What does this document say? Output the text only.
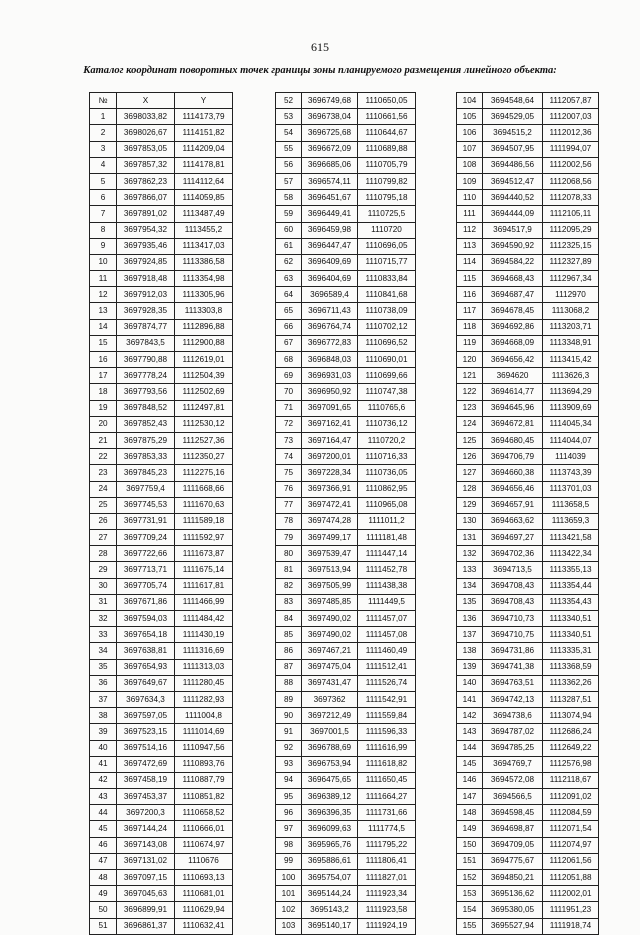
615
Каталог координат поворотных точек границы зоны планируемого размещения линейного объекта:
№	X	Y
1	3698033,82	1114173,79
2	3698026,67	1114151,82
3	3697853,05	1114209,04
4	3697857,32	1114178,81
5	3697862,23	1114112,64
6	3697866,07	1114059,85
7	3697891,02	1113487,49
8	3697954,32	1113455,2
9	3697935,46	1113417,03
10	3697924,85	1113386,58
11	3697918,48	1113354,98
12	3697912,03	1113305,96
13	3697928,35	1113303,8
14	3697874,77	1112896,88
15	3697843,5	1112900,88
16	3697790,88	1112619,01
17	3697778,24	1112504,39
18	3697793,56	1112502,69
19	3697848,52	1112497,81
20	3697852,43	1112530,12
21	3697875,29	1112527,36
22	3697853,33	1112350,27
23	3697845,23	1112275,16
24	3697759,4	1111668,66
25	3697745,53	1111670,63
26	3697731,91	1111589,18
27	3697709,24	1111592,97
28	3697722,66	1111673,87
29	3697713,71	1111675,14
30	3697705,74	1111617,81
31	3697671,86	1111466,99
32	3697594,03	1111484,42
33	3697654,18	1111430,19
34	3697638,81	1111316,69
35	3697654,93	1111313,03
36	3697649,67	1111280,45
37	3697634,3	1111282,93
38	3697597,05	1111004,8
39	3697523,15	1111014,69
40	3697514,16	1110947,56
41	3697472,69	1110893,76
42	3697458,19	1110887,79
43	3697453,37	1110851,82
44	3697200,3	1110658,52
45	3697144,24	1110666,01
46	3697143,08	1110674,97
47	3697131,02	1110676
48	3697097,15	1110693,13
49	3697045,63	1110681,01
50	3696899,91	1110629,94
51	3696861,37	1110632,41
52	3696749,68	1110650,05
53	3696738,04	1110661,56
54	3696725,68	1110644,67
55	3696672,09	1110689,88
56	3696685,06	1110705,79
57	3696574,11	1110799,82
58	3696451,67	1110795,18
59	3696449,41	1110725,5
60	3696459,98	1110720
61	3696447,47	1110696,05
62	3696409,69	1110715,77
63	3696404,69	1110833,84
64	3696589,4	1110841,68
65	3696711,43	1110738,09
66	3696764,74	1110702,12
67	3696772,83	1110696,52
68	3696848,03	1110690,01
69	3696931,03	1110699,66
70	3696950,92	1110747,38
71	3697091,65	1110765,6
72	3697162,41	1110736,12
73	3697164,47	1110720,2
74	3697200,01	1110716,33
75	3697228,34	1110736,05
76	3697366,91	1110862,95
77	3697472,41	1110965,08
78	3697474,28	1111011,2
79	3697499,17	1111181,48
80	3697539,47	1111447,14
81	3697513,94	1111452,78
82	3697505,99	1111438,38
83	3697485,85	1111449,5
84	3697490,02	1111457,07
85	3697490,02	1111457,08
86	3697467,21	1111460,49
87	3697475,04	1111512,41
88	3697431,47	1111526,74
89	3697362	1111542,91
90	3697212,49	1111559,84
91	3697001,5	1111596,33
92	3696788,69	1111616,99
93	3696753,94	1111618,82
94	3696475,65	1111650,45
95	3696389,12	1111664,27
96	3696396,35	1111731,66
97	3696099,63	1111774,5
98	3695965,76	1111795,22
99	3695886,61	1111806,41
100	3695754,07	1111827,01
101	3695144,24	1111923,34
102	3695143,2	1111923,58
103	3695140,17	1111924,19
104	3694548,64	1112057,87
105	3694529,05	1112007,03
106	3694515,2	1112012,36
107	3694507,95	1111994,07
108	3694486,56	1112002,56
109	3694512,47	1112068,56
110	3694440,52	1112078,33
111	3694444,09	1112105,11
112	3694517,9	1112095,29
113	3694590,92	1112325,15
114	3694584,22	1112327,89
115	3694668,43	1112967,34
116	3694687,47	1112970
117	3694678,45	1113068,2
118	3694692,86	1113203,71
119	3694668,09	1113348,91
120	3694656,42	1113415,42
121	3694620	1113626,3
122	3694614,77	1113694,29
123	3694645,96	1113909,69
124	3694672,81	1114045,34
125	3694680,45	1114044,07
126	3694706,79	1114039
127	3694660,38	1113743,39
128	3694656,46	1113701,03
129	3694657,91	1113658,5
130	3694663,62	1113659,3
131	3694697,27	1113421,58
132	3694702,36	1113422,34
133	3694713,5	1113355,13
134	3694708,43	1113354,44
135	3694708,43	1113354,43
136	3694710,73	1113340,51
137	3694710,75	1113340,51
138	3694731,86	1113335,31
139	3694741,38	1113368,59
140	3694763,51	1113362,26
141	3694742,13	1113287,51
142	3694738,6	1113074,94
143	3694787,02	1112686,24
144	3694785,25	1112649,22
145	3694769,7	1112576,98
146	3694572,08	1112118,67
147	3694566,5	1112091,02
148	3694598,45	1112084,59
149	3694698,87	1112071,54
150	3694709,05	1112074,97
151	3694775,67	1112061,56
152	3694850,21	1112051,88
153	3695136,62	1112002,01
154	3695380,05	1111951,23
155	3695527,94	1111918,74
